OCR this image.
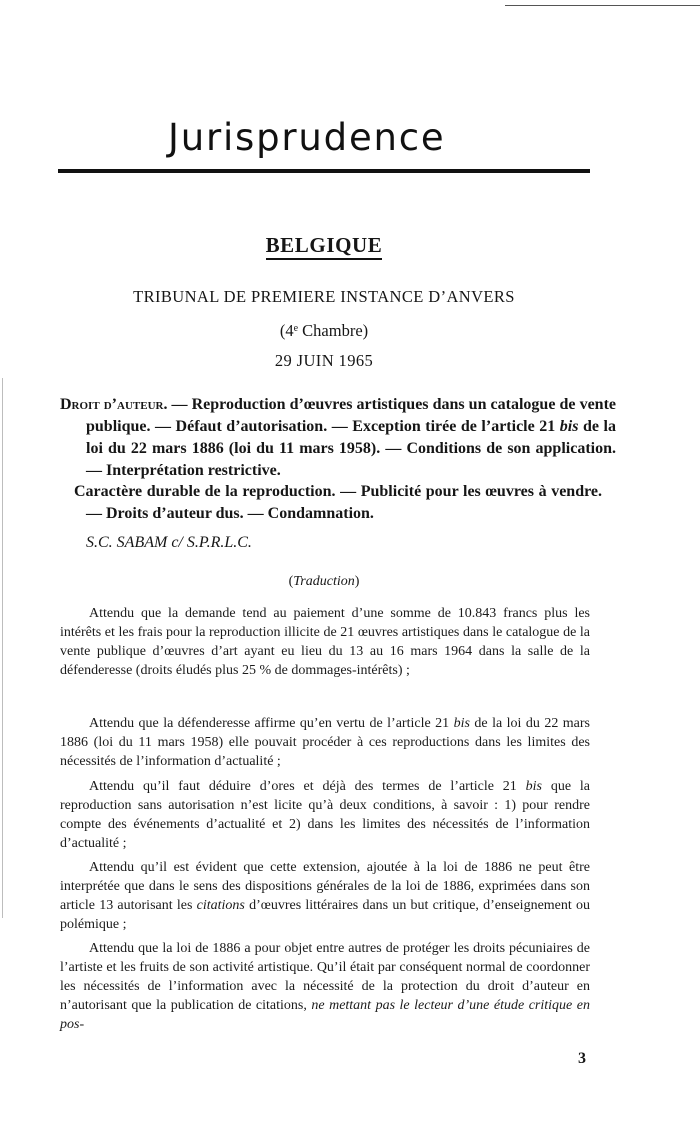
Jurisprudence
BELGIQUE
TRIBUNAL DE PREMIERE INSTANCE D’ANVERS
(4e Chambre)
29 JUIN 1965

Droit d’auteur. — Reproduction d’œuvres artistiques dans un catalogue de vente publique. — Défaut d’autorisation. — Exception tirée de l’article 21 bis de la loi du 22 mars 1886 (loi du 11 mars 1958). — Conditions de son application. — Interprétation restrictive.

Caractère durable de la reproduction. — Publicité pour les œuvres à vendre. — Droits d’auteur dus. — Condamnation.

S.C. SABAM c/ S.P.R.L.C.

(Traduction)

Attendu que la demande tend au paiement d’une somme de 10.843 francs plus les intérêts et les frais pour la reproduction illicite de 21 œuvres artistiques dans le catalogue de la vente publique d’œuvres d’art ayant eu lieu du 13 au 16 mars 1964 dans la salle de la défenderesse (droits éludés plus 25 % de dommages-intérêts) ;

Attendu que la défenderesse affirme qu’en vertu de l’article 21 bis de la loi du 22 mars 1886 (loi du 11 mars 1958) elle pouvait procéder à ces reproductions dans les limites des nécessités de l’information d’actualité ;

Attendu qu’il faut déduire d’ores et déjà des termes de l’article 21 bis que la reproduction sans autorisation n’est licite qu’à deux conditions, à savoir : 1) pour rendre compte des événements d’actualité et 2) dans les limites des nécessités de l’information d’actualité ;

Attendu qu’il est évident que cette extension, ajoutée à la loi de 1886 ne peut être interprétée que dans le sens des dispositions générales de la loi de 1886, exprimées dans son article 13 autorisant les citations d’œuvres littéraires dans un but critique, d’enseignement ou polémique ;

Attendu que la loi de 1886 a pour objet entre autres de protéger les droits pécuniaires de l’artiste et les fruits de son activité artistique. Qu’il était par conséquent normal de coordonner les nécessités de l’information avec la nécessité de la protection du droit d’auteur en n’autorisant que la publication de citations, ne mettant pas le lecteur d’une étude critique en pos-

3
